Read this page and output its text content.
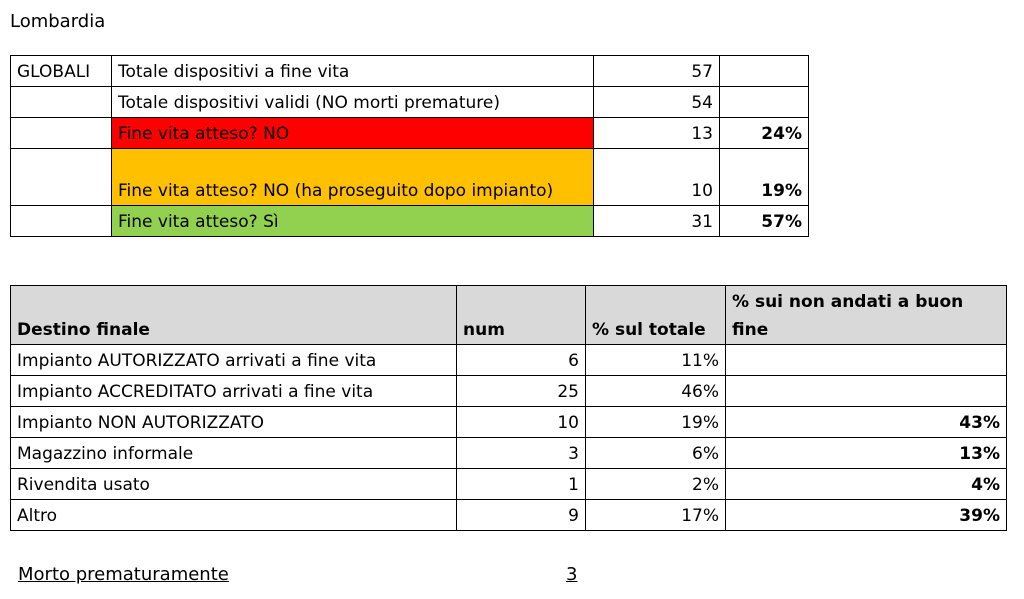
Lombardia
GLOBALI	Totale dispositivi a fine vita	57	
	Totale dispositivi validi (NO morti premature)	54	
	Fine vita atteso? NO	13	24%
	Fine vita atteso? NO (ha proseguito dopo impianto)	10	19%
	Fine vita atteso? Sì	31	57%
Destino finale	num	% sul totale	% sui non andati a buon fine
Impianto AUTORIZZATO arrivati a fine vita	6	11%	
Impianto ACCREDITATO arrivati a fine vita	25	46%	
Impianto NON AUTORIZZATO	10	19%	43%
Magazzino informale	3	6%	13%
Rivendita usato	1	2%	4%
Altro	9	17%	39%
Morto prematuramente	3
